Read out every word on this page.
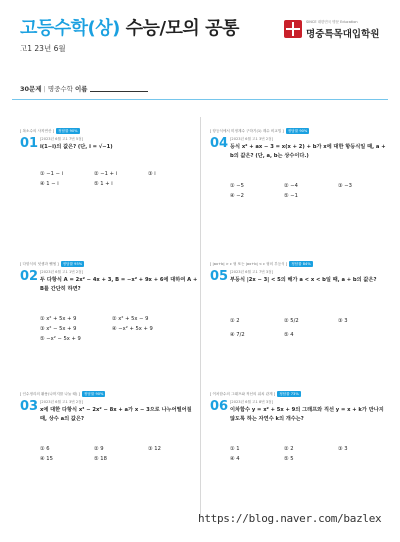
고등수학(상) 수능/모의 공통
고1 23년 6월
SINCE 대한민국 명문 Education
명중특목대입학원
30문제 | 명중수학 이름
[ 복소수의 사칙연산 ] 정답률 90%
01 [2023년 6월 고1 7번 5점]
i(1−i)의 값은? (단, i = √−1)
① −1 − i	② −1 + i	③ i
④ 1 − i	⑤ 1 + i
[ 다항식의 덧셈과 뺄셈 ] 정답률 95%
02 [2023년 6월 고1 1번 2점]
두 다항식 A = 2x² − 4x + 3, B = −x² + 9x + 6에 대하여 A + B를 간단히 하면?
① x² + 5x + 9	② x² + 5x − 9
③ x² − 5x + 9	④ −x² + 5x + 9
⑤ −x² − 5x + 9
[ 인수정리의 활용(나머지를 나눌 때) ] 정답률 90%
03 [2023년 6월 고1 3번 2점]
x에 대한 다항식 x³ − 2x² − 8x + a가 x − 3으로 나누어떨어질 때, 상수 a의 값은?
① 6	② 9	③ 12
④ 15	⑤ 18
[ 항등식에서 미정계수 구하기(1) 계수 비교법 ] 정답률 90%
04 [2023년 6월 고1 3번 2점]
등식 x² + ax − 3 = x(x + 2) + b가 x에 대한 항등식일 때, a + b의 값은? (단, a, b는 상수이다.)
① −5	② −4	③ −3
④ −2	⑤ −1
[ |ax+b| > c 형 또는 |ax+b| < c 형의 부등식 ] 정답률 84%
05 [2023년 6월 고1 7번 3점]
부등식 |2x − 3| < 5의 해가 a < x < b일 때, a + b의 값은?
① 2	② 5/2	③ 3
④ 7/2	⑤ 4
[ 이차함수의 그래프와 직선의 위치 관계 ] 정답률 73%
06 [2023년 6월 고1 8번 3점]
이차함수 y = x² + 5x + 9의 그래프와 직선 y = x + k가 만나지 않도록 하는 자연수 k의 개수는?
① 1	② 2	③ 3
④ 4	⑤ 5
https://blog.naver.com/bazlex
